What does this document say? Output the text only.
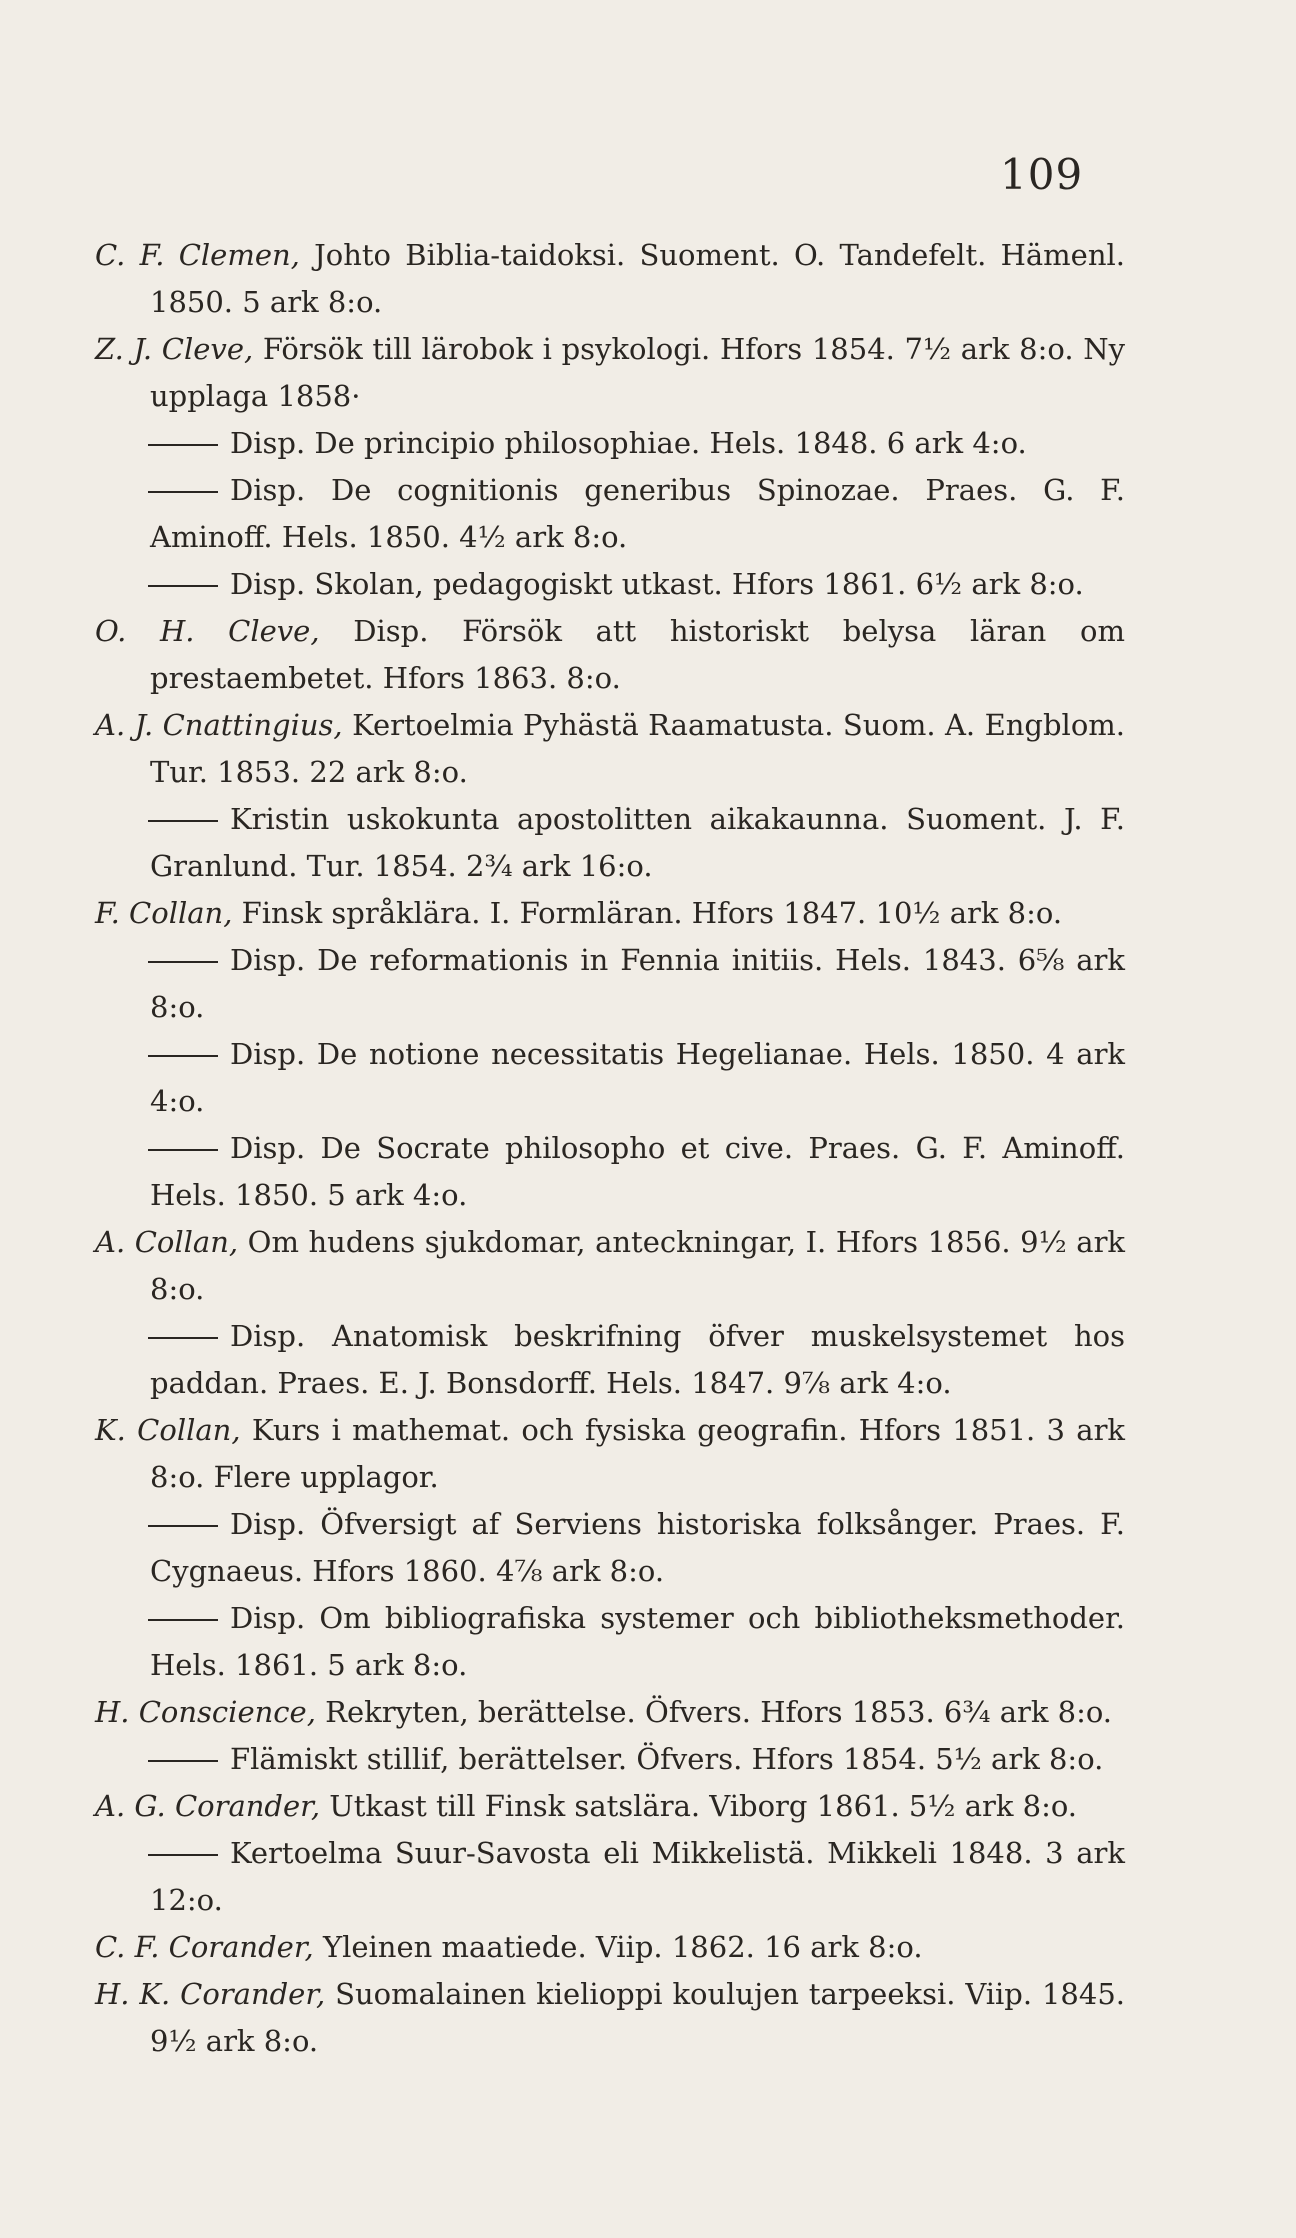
109
C. F. Clemen, Johto Biblia-taidoksi. Suoment. O. Tandefelt. Hämenl. 1850. 5 ark 8:o.
Z. J. Cleve, Försök till lärobok i psykologi. Hfors 1854. 7½ ark 8:o. Ny upplaga 1858·
Disp. De principio philosophiae. Hels. 1848. 6 ark 4:o.
Disp. De cognitionis generibus Spinozae. Praes. G. F. Aminoff. Hels. 1850. 4½ ark 8:o.
Disp. Skolan, pedagogiskt utkast. Hfors 1861. 6½ ark 8:o.
O. H. Cleve, Disp. Försök att historiskt belysa läran om prestaembetet. Hfors 1863. 8:o.
A. J. Cnattingius, Kertoelmia Pyhästä Raamatusta. Suom. A. Engblom. Tur. 1853. 22 ark 8:o.
Kristin uskokunta apostolitten aikakaunna. Suoment. J. F. Granlund. Tur. 1854. 2¾ ark 16:o.
F. Collan, Finsk språklära. I. Formläran. Hfors 1847. 10½ ark 8:o.
Disp. De reformationis in Fennia initiis. Hels. 1843. 6⅝ ark 8:o.
Disp. De notione necessitatis Hegelianae. Hels. 1850. 4 ark 4:o.
Disp. De Socrate philosopho et cive. Praes. G. F. Aminoff. Hels. 1850. 5 ark 4:o.
A. Collan, Om hudens sjukdomar, anteckningar, I. Hfors 1856. 9½ ark 8:o.
Disp. Anatomisk beskrifning öfver muskelsystemet hos paddan. Praes. E. J. Bonsdorff. Hels. 1847. 9⅞ ark 4:o.
K. Collan, Kurs i mathemat. och fysiska geografin. Hfors 1851. 3 ark 8:o. Flere upplagor.
Disp. Öfversigt af Serviens historiska folksånger. Praes. F. Cygnaeus. Hfors 1860. 4⅞ ark 8:o.
Disp. Om bibliografiska systemer och bibliotheksmethoder. Hels. 1861. 5 ark 8:o.
H. Conscience, Rekryten, berättelse. Öfvers. Hfors 1853. 6¾ ark 8:o.
Flämiskt stillif, berättelser. Öfvers. Hfors 1854. 5½ ark 8:o.
A. G. Corander, Utkast till Finsk satslära. Viborg 1861. 5½ ark 8:o.
Kertoelma Suur-Savosta eli Mikkelistä. Mikkeli 1848. 3 ark 12:o.
C. F. Corander, Yleinen maatiede. Viip. 1862. 16 ark 8:o.
H. K. Corander, Suomalainen kielioppi koulujen tarpeeksi. Viip. 1845. 9½ ark 8:o.
